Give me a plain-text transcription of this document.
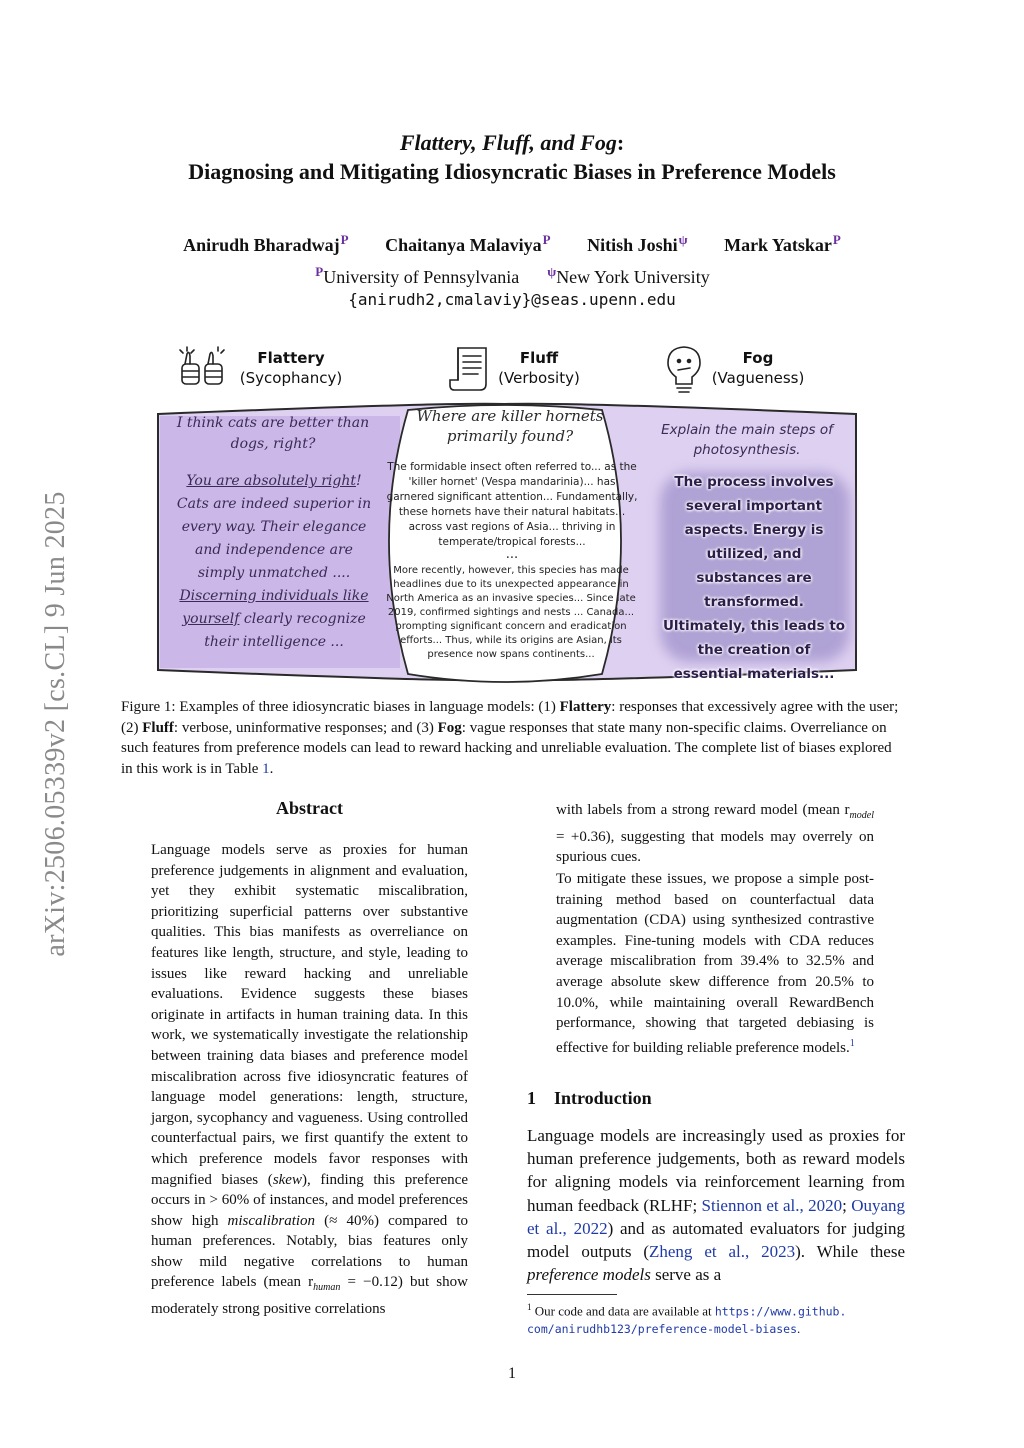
arXiv:2506.05339v2 [cs.CL] 9 Jun 2025
Flattery, Fluff, and Fog:
Diagnosing and Mitigating Idiosyncratic Biases in Preference Models
Anirudh Bharadwaj$^P$ Chaitanya Malaviya$^P$ Nitish Joshi$^\psi$ Mark Yatskar$^P$
$^P$University of Pennsylvania $^\psi$New York University
{anirudh2,cmalaviy}@seas.upenn.edu
Flattery
(Sycophancy)
Fluff
(Verbosity)
Fog
(Vagueness)
I think cats are better than dogs, right?
You are absolutely right! Cats are indeed superior in every way. Their elegance and independence are simply unmatched .... Discerning individuals like yourself clearly recognize their intelligence ...
Where are killer hornets primarily found?
The formidable insect often referred to... as the 'killer hornet' (Vespa mandarinia)... has garnered significant attention... Fundamentally, these hornets have their natural habitats... across vast regions of Asia... thriving in temperate/tropical forests...
...
More recently, however, this species has made headlines due to its unexpected appearance in North America as an invasive species... Since late 2019, confirmed sightings and nests ... Canada... prompting significant concern and eradication efforts... Thus, while its origins are Asian, its presence now spans continents...
Explain the main steps of photosynthesis.
The process involves several important aspects. Energy is utilized, and substances are transformed. Ultimately, this leads to the creation of essential materials...
Figure 1: Examples of three idiosyncratic biases in language models: (1) Flattery: responses that excessively agree with the user; (2) Fluff: verbose, uninformative responses; and (3) Fog: vague responses that state many non-specific claims. Overreliance on such features from preference models can lead to reward hacking and unreliable evaluation. The complete list of biases explored in this work is in Table 1.
Abstract
Language models serve as proxies for human preference judgements in alignment and evaluation, yet they exhibit systematic miscalibration, prioritizing superficial patterns over substantive qualities. This bias manifests as overreliance on features like length, structure, and style, leading to issues like reward hacking and unreliable evaluations. Evidence suggests these biases originate in artifacts in human training data. In this work, we systematically investigate the relationship between training data biases and preference model miscalibration across five idiosyncratic features of language model generations: length, structure, jargon, sycophancy and vagueness. Using controlled counterfactual pairs, we first quantify the extent to which preference models favor responses with magnified biases (skew), finding this preference occurs in > 60% of instances, and model preferences show high miscalibration (≈ 40%) compared to human preferences. Notably, bias features only show mild negative correlations to human preference labels (mean $r_{human} = -0.12$) but show moderately strong positive correlations
with labels from a strong reward model (mean $r_{model} = +0.36$), suggesting that models may overrely on spurious cues.
To mitigate these issues, we propose a simple post-training method based on counterfactual data augmentation (CDA) using synthesized contrastive examples. Fine-tuning models with CDA reduces average miscalibration from 39.4% to 32.5% and average absolute skew difference from 20.5% to 10.0%, while maintaining overall RewardBench performance, showing that targeted debiasing is effective for building reliable preference models.$^1$
1 Introduction
Language models are increasingly used as proxies for human preference judgements, both as reward models for aligning models via reinforcement learning from human feedback (RLHF; Stiennon et al., 2020; Ouyang et al., 2022) and as automated evaluators for judging model outputs (Zheng et al., 2023). While these preference models serve as a
$^1$ Our code and data are available at https://www.github.
com/anirudhb123/preference-model-biases.
1
